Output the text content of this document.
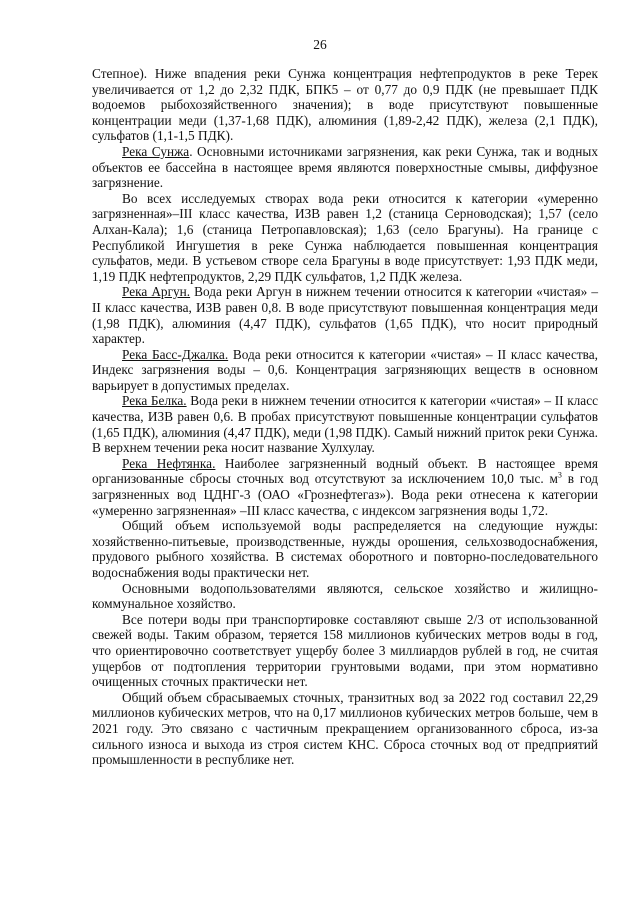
26

Степное). Ниже впадения реки Сунжа концентрация нефтепродуктов в реке Терек увеличивается от 1,2 до 2,32 ПДК, БПК5 – от 0,77 до 0,9 ПДК (не превышает ПДК водоемов рыбохозяйственного значения); в воде присутствуют повышенные концентрации меди (1,37-1,68 ПДК), алюминия (1,89-2,42 ПДК), железа (2,1 ПДК), сульфатов (1,1-1,5 ПДК).

Река Сунжа. Основными источниками загрязнения, как реки Сунжа, так и водных объектов ее бассейна в настоящее время являются поверхностные смывы, диффузное загрязнение.

Во всех исследуемых створах вода реки относится к категории «умеренно загрязненная»–III класс качества, ИЗВ равен 1,2 (станица Серноводская); 1,57 (село Алхан-Кала); 1,6 (станица Петропавловская); 1,63 (село Брагуны). На границе с Республикой Ингушетия в реке Сунжа наблюдается повышенная концентрация сульфатов, меди. В устьевом створе села Брагуны в воде присутствует: 1,93 ПДК меди, 1,19 ПДК нефтепродуктов, 2,29 ПДК сульфатов, 1,2 ПДК железа.

Река Аргун. Вода реки Аргун в нижнем течении относится к категории «чистая» – II класс качества, ИЗВ равен 0,8. В воде присутствуют повышенная концентрация меди (1,98 ПДК), алюминия (4,47 ПДК), сульфатов (1,65 ПДК), что носит природный характер.

Река Басс-Джалка. Вода реки относится к категории «чистая» – II класс качества, Индекс загрязнения воды – 0,6. Концентрация загрязняющих веществ в основном варьирует в допустимых пределах.

Река Белка. Вода реки в нижнем течении относится к категории «чистая» – II класс качества, ИЗВ равен 0,6. В пробах присутствуют повышенные концентрации сульфатов (1,65 ПДК), алюминия (4,47 ПДК), меди (1,98 ПДК). Самый нижний приток реки Сунжа. В верхнем течении река носит название Хулхулау.

Река Нефтянка. Наиболее загрязненный водный объект. В настоящее время организованные сбросы сточных вод отсутствуют за исключением 10,0 тыс. $м^3$ в год загрязненных вод ЦДНГ-3 (ОАО «Грознефтегаз»). Вода реки отнесена к категории «умеренно загрязненная» –III класс качества, с индексом загрязнения воды 1,72.

Общий объем используемой воды распределяется на следующие нужды: хозяйственно-питьевые, производственные, нужды орошения, сельхозводоснабжения, прудового рыбного хозяйства. В системах оборотного и повторно-последовательного водоснабжения воды практически нет.

Основными водопользователями являются, сельское хозяйство и жилищно-коммунальное хозяйство.

Все потери воды при транспортировке составляют свыше 2/3 от использованной свежей воды. Таким образом, теряется 158 миллионов кубических метров воды в год, что ориентировочно соответствует ущербу более 3 миллиардов рублей в год, не считая ущербов от подтопления территории грунтовыми водами, при этом нормативно очищенных сточных практически нет.

Общий объем сбрасываемых сточных, транзитных вод за 2022 год составил 22,29 миллионов кубических метров, что на 0,17 миллионов кубических метров больше, чем в 2021 году. Это связано с частичным прекращением организованного сброса, из-за сильного износа и выхода из строя систем КНС. Сброса сточных вод от предприятий промышленности в республике нет.
